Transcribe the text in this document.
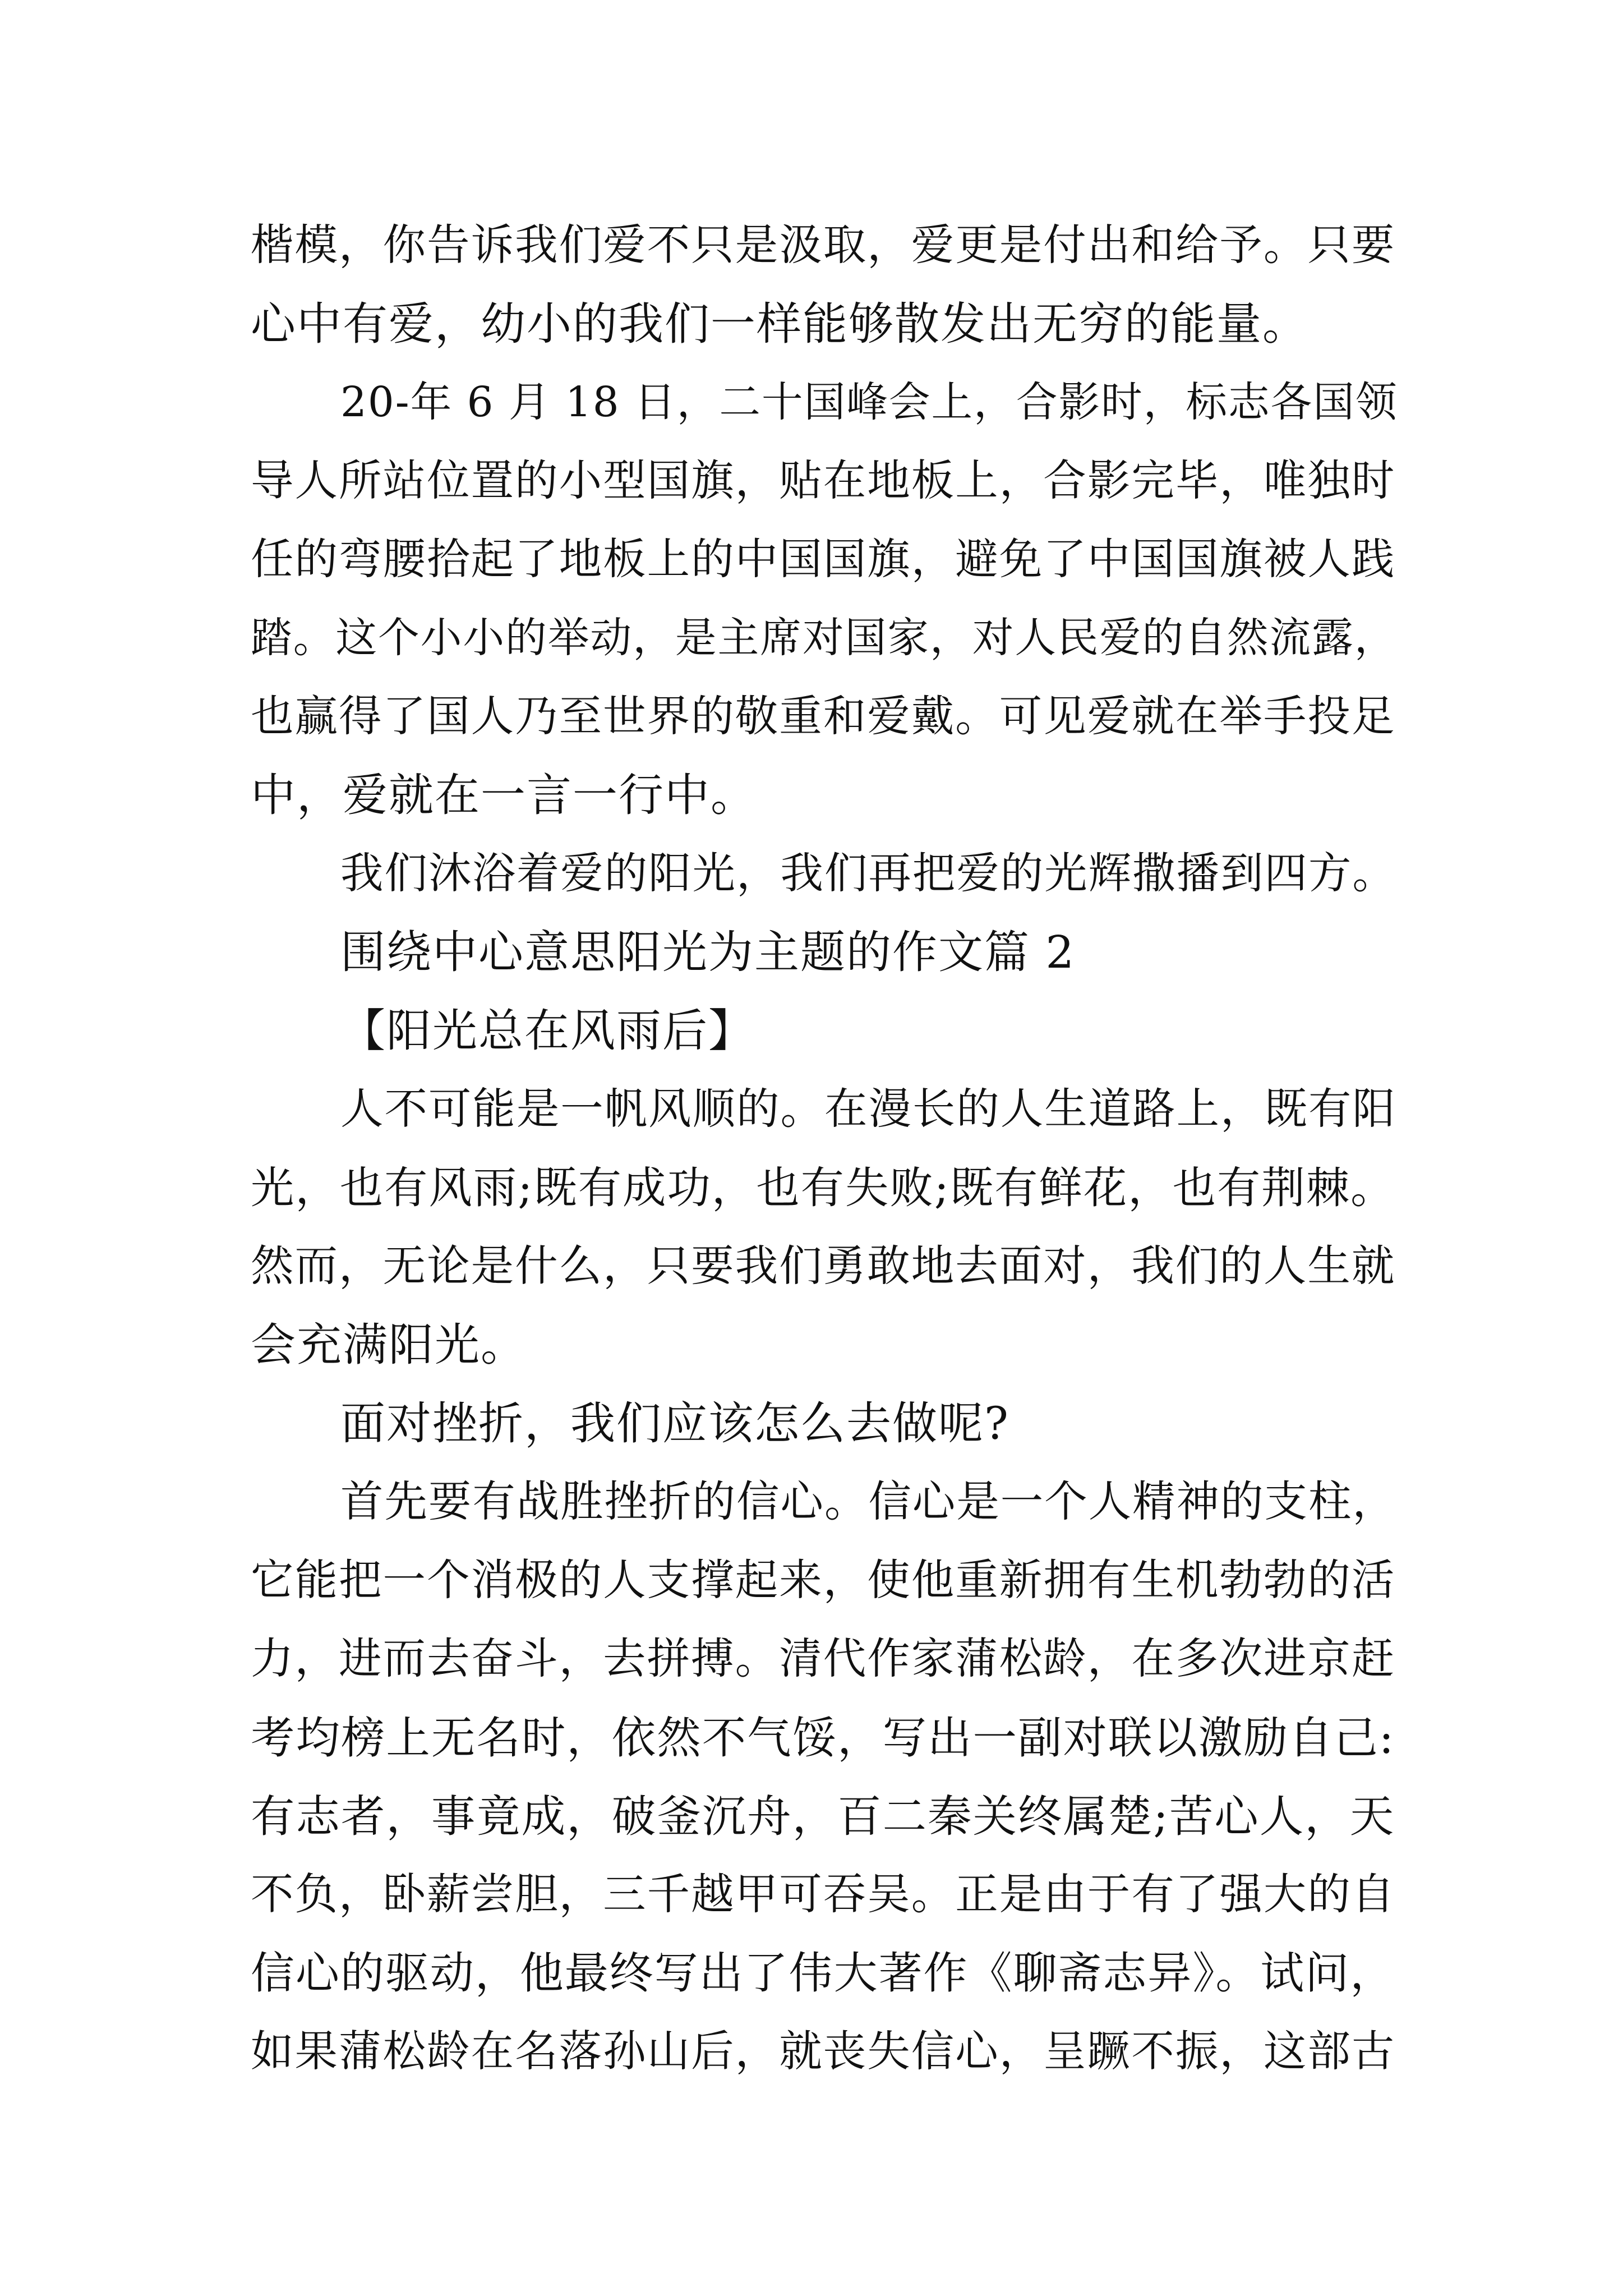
楷模，你告诉我们爱不只是汲取，爱更是付出和给予。只要
心中有爱，幼小的我们一样能够散发出无穷的能量。
20-年 6 月 18 日，二十国峰会上，合影时，标志各国领
导人所站位置的小型国旗，贴在地板上，合影完毕，唯独时
任的弯腰拾起了地板上的中国国旗，避免了中国国旗被人践
踏。这个小小的举动，是主席对国家，对人民爱的自然流露，
也赢得了国人乃至世界的敬重和爱戴。可见爱就在举手投足
中，爱就在一言一行中。
我们沐浴着爱的阳光，我们再把爱的光辉撒播到四方。
围绕中心意思阳光为主题的作文篇 2
【阳光总在风雨后】
人不可能是一帆风顺的。在漫长的人生道路上，既有阳
光，也有风雨;既有成功，也有失败;既有鲜花，也有荆棘。
然而，无论是什么，只要我们勇敢地去面对，我们的人生就
会充满阳光。
面对挫折，我们应该怎么去做呢?
首先要有战胜挫折的信心。信心是一个人精神的支柱，
它能把一个消极的人支撑起来，使他重新拥有生机勃勃的活
力，进而去奋斗，去拼搏。清代作家蒲松龄，在多次进京赶
考均榜上无名时，依然不气馁，写出一副对联以激励自己:
有志者，事竟成，破釜沉舟，百二秦关终属楚;苦心人，天
不负，卧薪尝胆，三千越甲可吞吴。正是由于有了强大的自
信心的驱动，他最终写出了伟大著作《聊斋志异》。试问，
如果蒲松龄在名落孙山后，就丧失信心，呈蹶不振，这部古
